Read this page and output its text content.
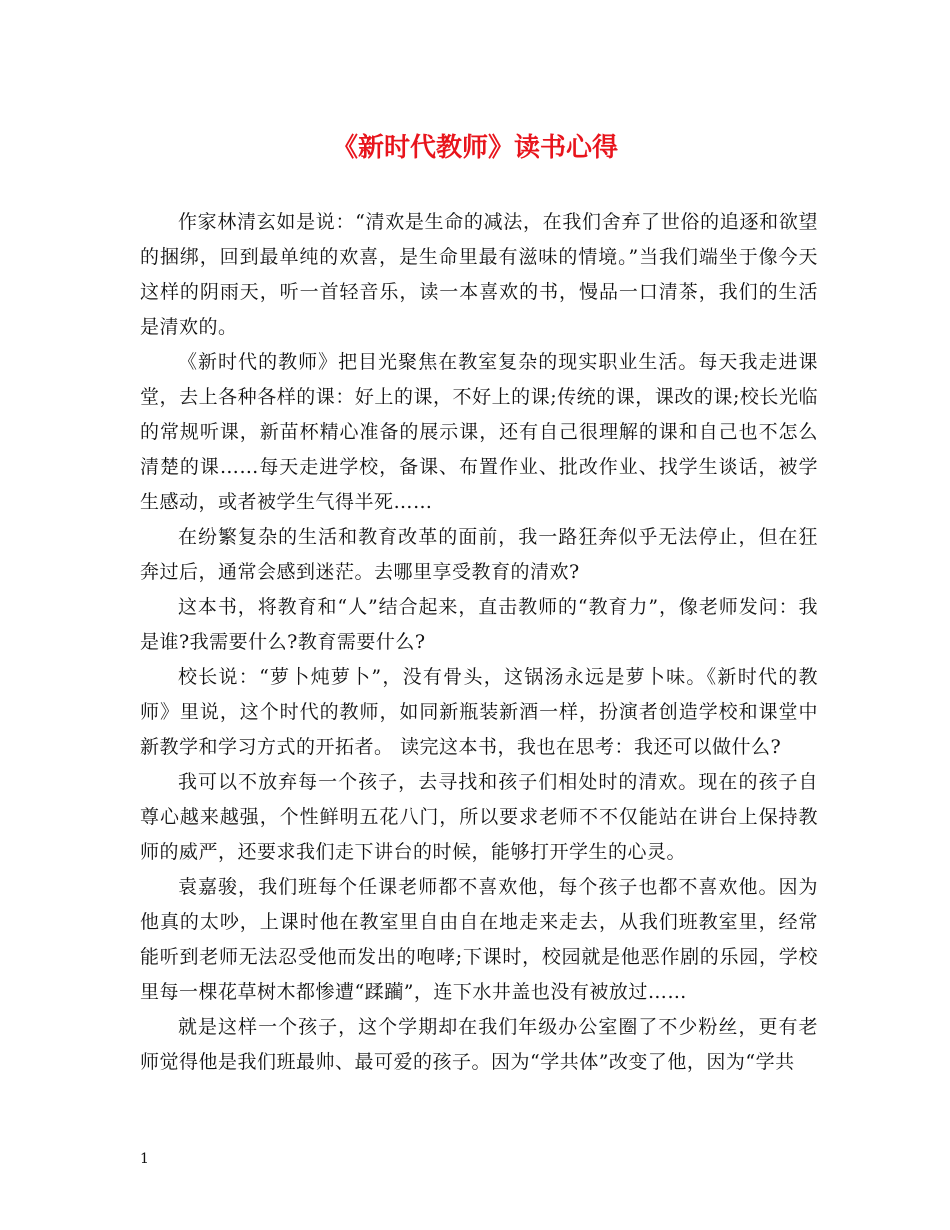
《新时代教师》读书心得

作家林清玄如是说：“清欢是生命的减法，在我们舍弃了世俗的追逐和欲望的捆绑，回到最单纯的欢喜，是生命里最有滋味的情境。”当我们端坐于像今天这样的阴雨天，听一首轻音乐，读一本喜欢的书，慢品一口清茶，我们的生活是清欢的。

《新时代的教师》把目光聚焦在教室复杂的现实职业生活。每天我走进课堂，去上各种各样的课：好上的课，不好上的课;传统的课，课改的课;校长光临的常规听课，新苗杯精心准备的展示课，还有自己很理解的课和自己也不怎么清楚的课……每天走进学校，备课、布置作业、批改作业、找学生谈话，被学生感动，或者被学生气得半死……

在纷繁复杂的生活和教育改革的面前，我一路狂奔似乎无法停止，但在狂奔过后，通常会感到迷茫。去哪里享受教育的清欢?

这本书，将教育和“人”结合起来，直击教师的“教育力”，像老师发问：我是谁?我需要什么?教育需要什么?

校长说：“萝卜炖萝卜”，没有骨头，这锅汤永远是萝卜味。《新时代的教师》里说，这个时代的教师，如同新瓶装新酒一样，扮演者创造学校和课堂中新教学和学习方式的开拓者。 读完这本书，我也在思考：我还可以做什么?

我可以不放弃每一个孩子，去寻找和孩子们相处时的清欢。现在的孩子自尊心越来越强，个性鲜明五花八门，所以要求老师不不仅能站在讲台上保持教师的威严，还要求我们走下讲台的时候，能够打开学生的心灵。

袁嘉骏，我们班每个任课老师都不喜欢他，每个孩子也都不喜欢他。因为他真的太吵，上课时他在教室里自由自在地走来走去，从我们班教室里，经常能听到老师无法忍受他而发出的咆哮;下课时，校园就是他恶作剧的乐园，学校里每一棵花草树木都惨遭“蹂躏”，连下水井盖也没有被放过……

就是这样一个孩子，这个学期却在我们年级办公室圈了不少粉丝，更有老师觉得他是我们班最帅、最可爱的孩子。因为“学共体”改变了他，因为“学共

1
